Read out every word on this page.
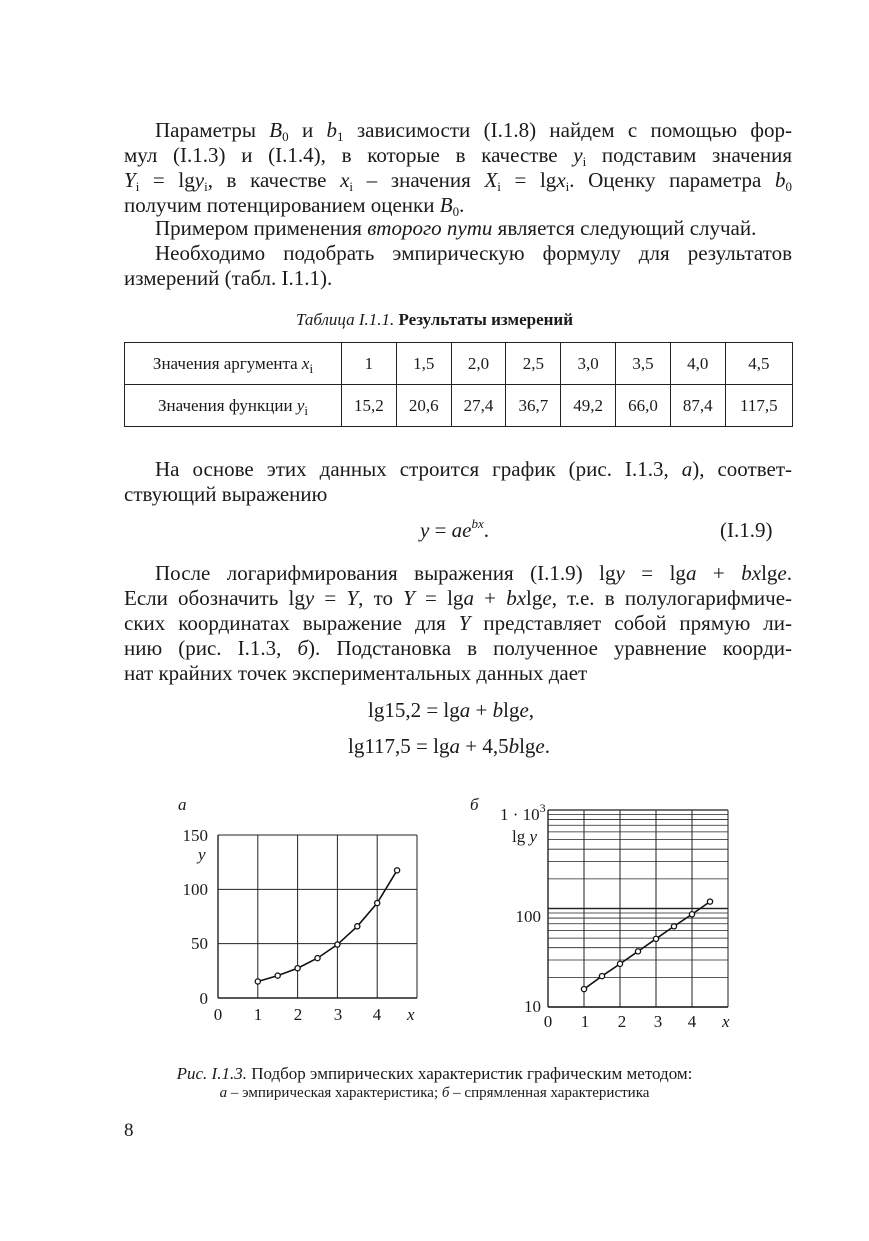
Параметры $B_0$ и $b_1$ зависимости (I.1.8) найдем с помощью фор-
мул (I.1.3) и (I.1.4), в которые в качестве $y_i$ подставим значения
$Y_i = \lg y_i$, в качестве $x_i$ – значения $X_i = \lg x_i$. Оценку параметра $b_0$
получим потенцированием оценки $B_0$.
Примером применения второго пути является следующий случай.
Необходимо подобрать эмпирическую формулу для результатов
измерений (табл. I.1.1).
Таблица I.1.1. Результаты измерений
Значения аргумента $x_i$	1	1,5	2,0	2,5	3,0	3,5	4,0	4,5
Значения функции $y_i$	15,2	20,6	27,4	36,7	49,2	66,0	87,4	117,5
На основе этих данных строится график (рис. I.1.3, а), соответ-
ствующий выражению
$y = ae^{bx}$.	(I.1.9)
После логарифмирования выражения (I.1.9) lgy = lga + bxlge.
Если обозначить lgy = Y, то Y = lga + bxlge, т.е. в полулогарифмиче-
ских координатах выражение для Y представляет собой прямую ли-
нию (рис. I.1.3, б). Подстановка в полученное уравнение коорди-
нат крайних точек экспериментальных данных дает
lg15,2 = lga + blge,
lg117,5 = lga + 4,5blge.
а
y
x
0
50
100
150
0 1 2 3 4
б
$1 \cdot 10^3$
lg y
lg y
100
10
x
0 1 2 3 4
Рис. I.1.3. Подбор эмпирических характеристик графическим методом:
а – эмпирическая характеристика; б – спрямленная характеристика
8
